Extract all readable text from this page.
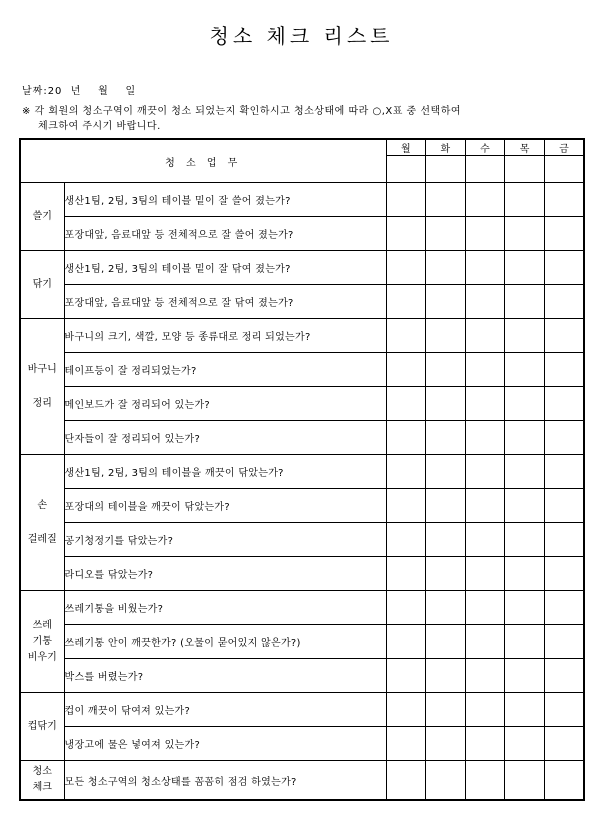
청소 체크 리스트
날짜:20  년    월    일
※ 각 회원의 청소구역이 깨끗이 청소 되었는지 확인하시고 청소상태에 따라 ○,Ⅹ표 중 선택하여
체크하여 주시기 바랍니다.
청 소 업 무		월	화	수	목	금

쓸기	생산1팀, 2팀, 3팀의 테이블 밑이 잘 쓸어 졌는가?					
	포장대앞, 음료대앞 등 전체적으로 잘 쓸어 졌는가?					

닦기	생산1팀, 2팀, 3팀의 테이블 밑이 잘 닦여 졌는가?					
	포장대앞, 음료대앞 등 전체적으로 잘 닦여 졌는가?					

바구니
정리	바구니의 크기, 색깔, 모양 등 종류대로 정리 되었는가?					
	테이프등이 잘 정리되었는가?					
	메인보드가 잘 정리되어 있는가?					
	단자들이 잘 정리되어 있는가?					

손
걸레질	생산1팀, 2팀, 3팀의 테이블을 깨끗이 닦았는가?					
	포장대의 테이블을 깨끗이 닦았는가?					
	공기청정기를 닦았는가?					
	라디오를 닦았는가?					

쓰레
기통
비우기	쓰레기통을 비웠는가?					
	쓰레기통 안이 깨끗한가? (오물이 묻어있지 않은가?)					
	박스를 버렸는가?					

컵닦기	컵이 깨끗이 닦여져 있는가?					
	냉장고에 물은 넣여져 있는가?					

청소
체크	모든 청소구역의 청소상태를 꼼꼼히 점검 하였는가?					
